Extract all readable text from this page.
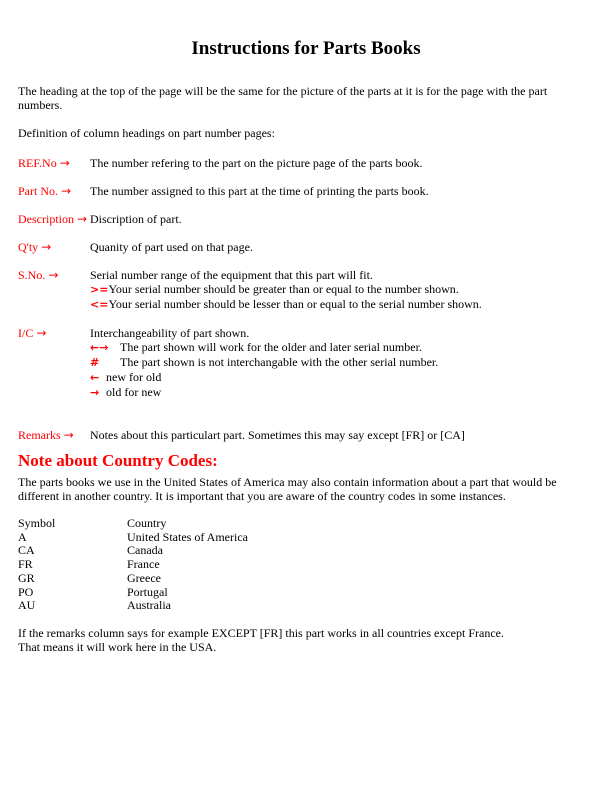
Instructions for Parts Books

The heading at the top of the page will be the same for the picture of the parts at it is for the page with the part numbers.

Definition of column headings on part number pages:

REF.No →	The number refering to the part on the picture page of the parts book.
Part No. →	The number assigned to this part at the time of printing the parts book.
Description → Discription of part.
Q'ty →	Quanity of part used on that page.
S.No. →	Serial number range of the equipment that this part will fit.
>= Your serial number should be greater than or equal to the number shown.
<= Your serial number should be lesser than or equal to the serial number shown.
I/C →	Interchangeability of part shown.
←→ The part shown will work for the older and later serial number.
#	The part shown is not interchangable with the other serial number.
← new for old
→ old for new
Remarks →	Notes about this particulart part. Sometimes this may say except [FR] or [CA]
Note about Country Codes:

The parts books we use in the United States of America may also contain information about a part that would be different in another country. It is important that you are aware of the country codes in some instances.

Symbol	Country
A	United States of America
CA	Canada
FR	France
GR	Greece
PO	Portugal
AU	Australia

If the remarks column says for example EXCEPT [FR] this part works in all countries except France.

That means it will work here in the USA.
